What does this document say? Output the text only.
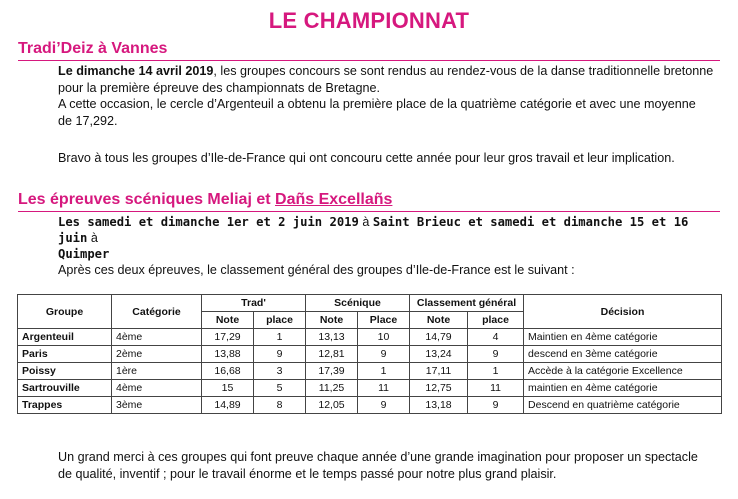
LE CHAMPIONNAT
Tradi’Deiz à Vannes
Le dimanche 14 avril 2019, les groupes concours se sont rendus au rendez-vous de la danse traditionnelle bretonne
pour la première épreuve des championnats de Bretagne.
A cette occasion, le cercle d’Argenteuil a obtenu la première place de la quatrième catégorie et avec une moyenne
de 17,292.
Bravo à tous les groupes d’Ile-de-France qui ont concouru cette année pour leur gros travail et leur implication.
Les épreuves scéniques Meliaj et Dañs Excellañs
Les samedi et dimanche 1er et 2 juin 2019 à Saint Brieuc et samedi et dimanche 15 et 16 juin à
Quimper
Après ces deux épreuves, le classement général des groupes d’Ile-de-France est le suivant :
Groupe	Catégorie	Trad'		Scénique		Classement général		Décision
		Note	place	Note	Place	Note	place	
Argenteuil	4ème	17,29	1	13,13	10	14,79	4	Maintien en 4ème catégorie
Paris	2ème	13,88	9	12,81	9	13,24	9	descend en 3ème catégorie
Poissy	1ère	16,68	3	17,39	1	17,11	1	Accède à la catégorie Excellence
Sartrouville	4ème	15	5	11,25	11	12,75	11	maintien en 4ème catégorie
Trappes	3ème	14,89	8	12,05	9	13,18	9	Descend en quatrième catégorie
Un grand merci à ces groupes qui font preuve chaque année d’une grande imagination pour proposer un spectacle
de qualité, inventif ; pour le travail énorme et le temps passé pour notre plus grand plaisir.
